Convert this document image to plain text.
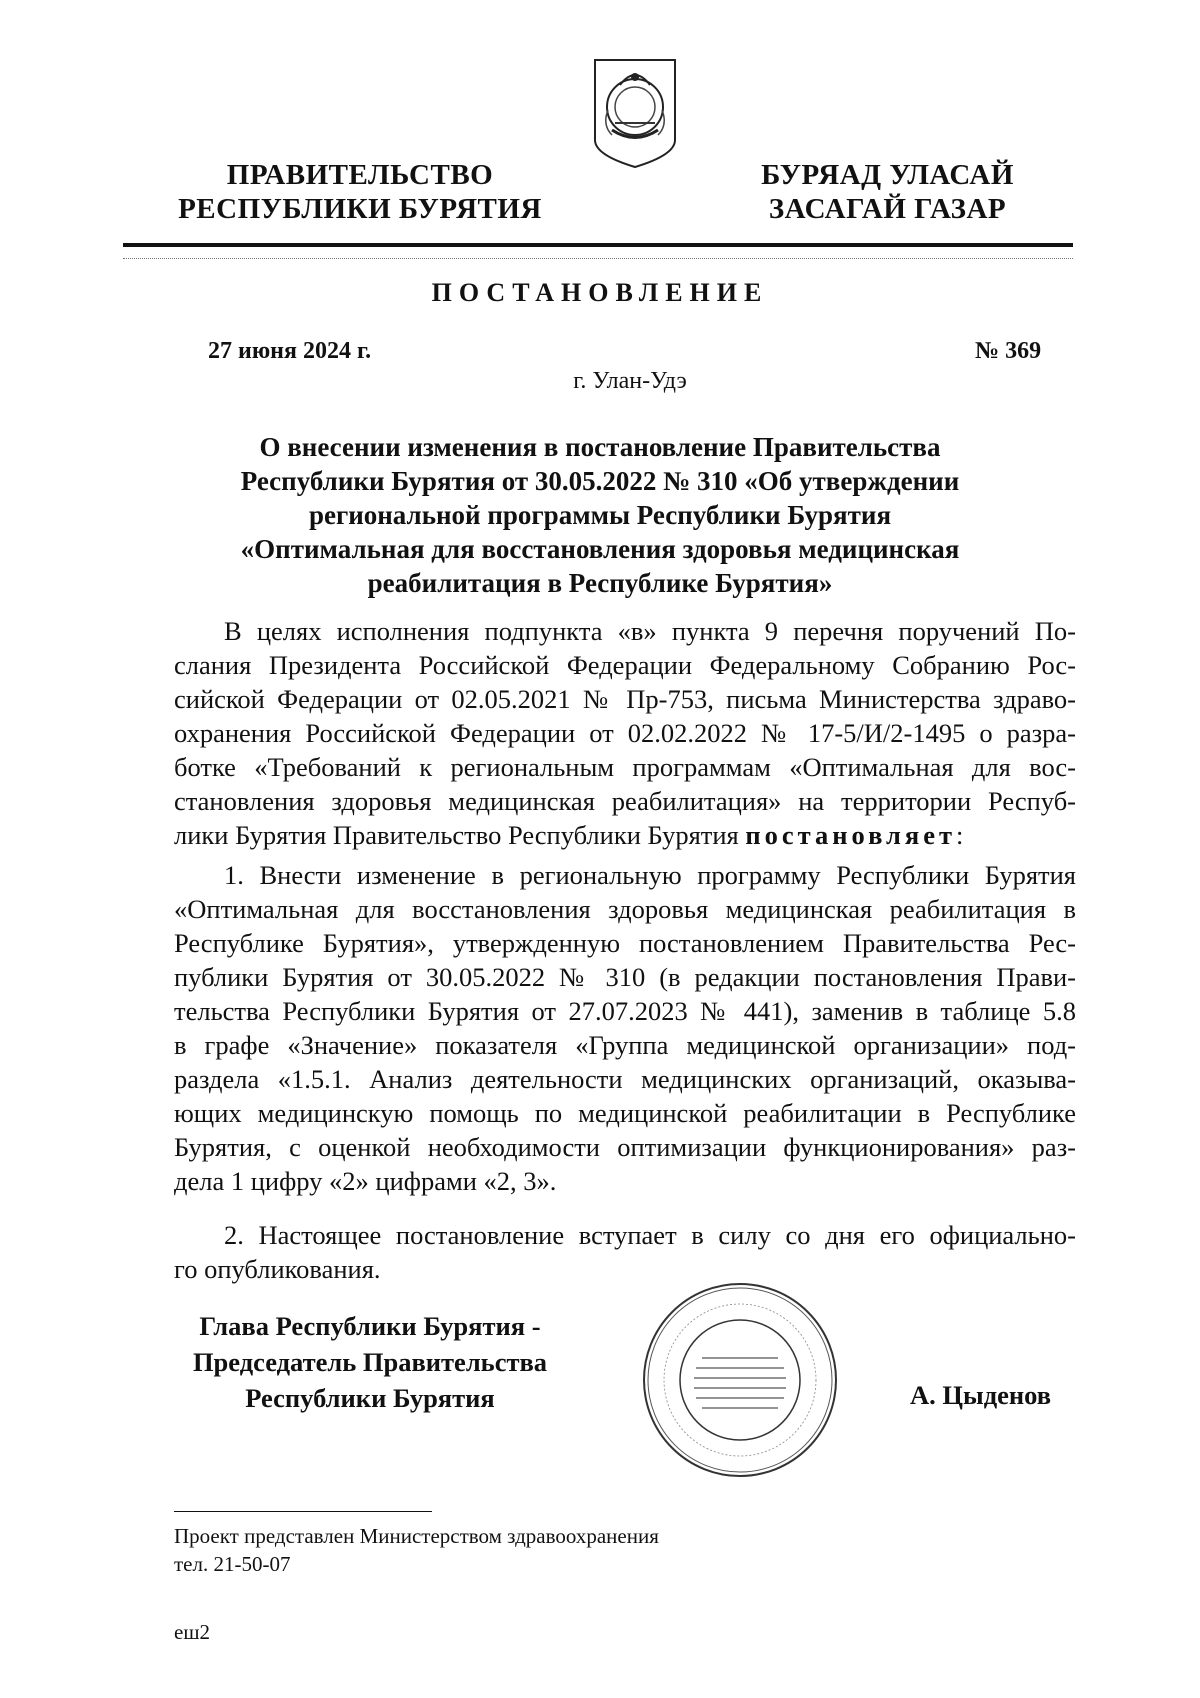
ПРАВИТЕЛЬСТВО
РЕСПУБЛИКИ БУРЯТИЯ
БУРЯАД УЛАСАЙ
ЗАСАГАЙ ГАЗАР
ПОСТАНОВЛЕНИЕ
27 июня 2024 г.	№ 369
г. Улан-Удэ
О внесении изменения в постановление Правительства
Республики Бурятия от 30.05.2022 № 310 «Об утверждении
региональной программы Республики Бурятия
«Оптимальная для восстановления здоровья медицинская
реабилитация в Республике Бурятия»
В целях исполнения подпункта «в» пункта 9 перечня поручений По-
слания Президента Российской Федерации Федеральному Собранию Рос-
сийской Федерации от 02.05.2021 № Пр-753, письма Министерства здраво-
охранения Российской Федерации от 02.02.2022 № 17-5/И/2-1495 о разра-
ботке «Требований к региональным программам «Оптимальная для вос-
становления здоровья медицинская реабилитация» на территории Респуб-
лики Бурятия Правительство Республики Бурятия постановляет:
1. Внести изменение в региональную программу Республики Бурятия
«Оптимальная для восстановления здоровья медицинская реабилитация в
Республике Бурятия», утвержденную постановлением Правительства Рес-
публики Бурятия от 30.05.2022 № 310 (в редакции постановления Прави-
тельства Республики Бурятия от 27.07.2023 № 441), заменив в таблице 5.8
в графе «Значение» показателя «Группа медицинской организации» под-
раздела «1.5.1. Анализ деятельности медицинских организаций, оказыва-
ющих медицинскую помощь по медицинской реабилитации в Республике
Бурятия, с оценкой необходимости оптимизации функционирования» раз-
дела 1 цифру «2» цифрами «2, 3».
2. Настоящее постановление вступает в силу со дня его официально-
го опубликования.
Глава Республики Бурятия -
Председатель Правительства
Республики Бурятия	А. Цыденов
Проект представлен Министерством здравоохранения
тел. 21-50-07
еш2
